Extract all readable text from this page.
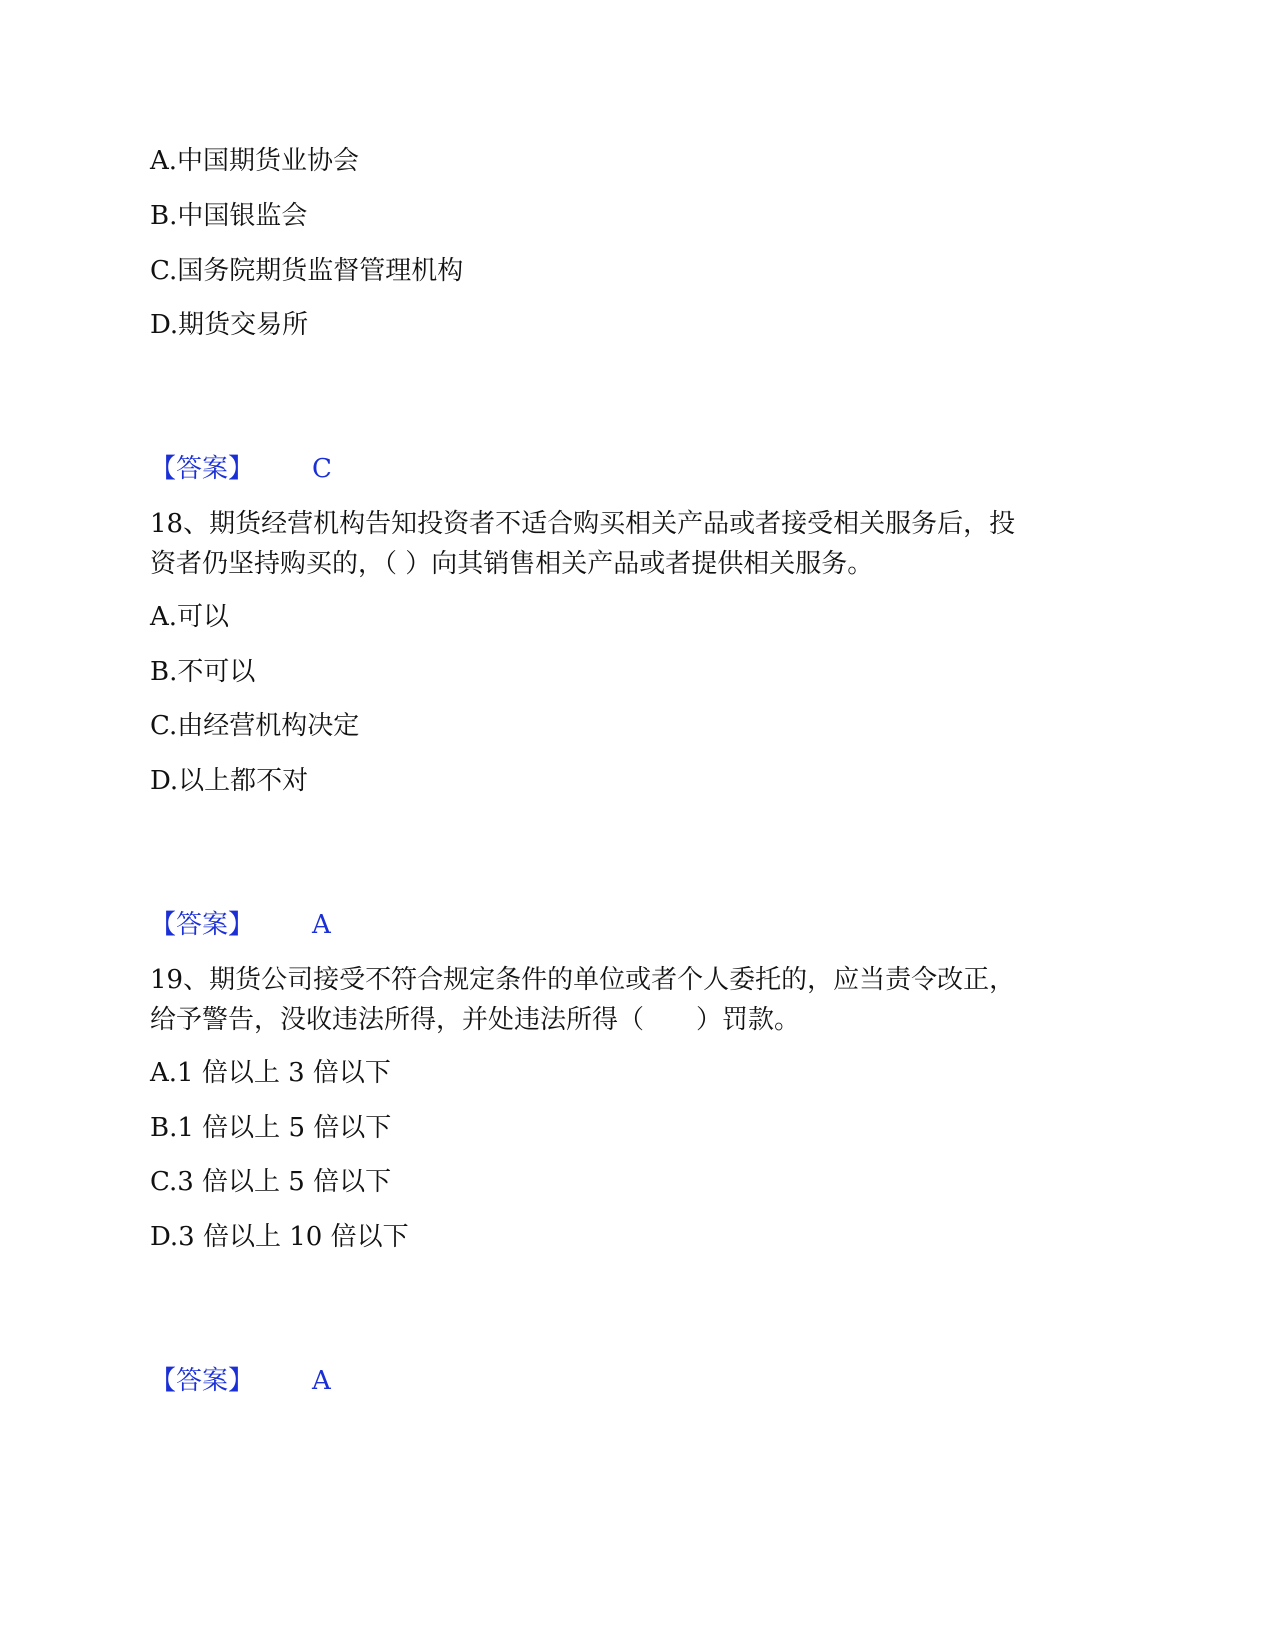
A.中国期货业协会
B.中国银监会
C.国务院期货监督管理机构
D.期货交易所
【答案】 C
18、期货经营机构告知投资者不适合购买相关产品或者接受相关服务后，投
资者仍坚持购买的，（ ）向其销售相关产品或者提供相关服务。
A.可以
B.不可以
C.由经营机构决定
D.以上都不对
【答案】 A
19、期货公司接受不符合规定条件的单位或者个人委托的，应当责令改正，
给予警告，没收违法所得，并处违法所得（　　）罚款。
A.1 倍以上 3 倍以下
B.1 倍以上 5 倍以下
C.3 倍以上 5 倍以下
D.3 倍以上 10 倍以下
【答案】 A
